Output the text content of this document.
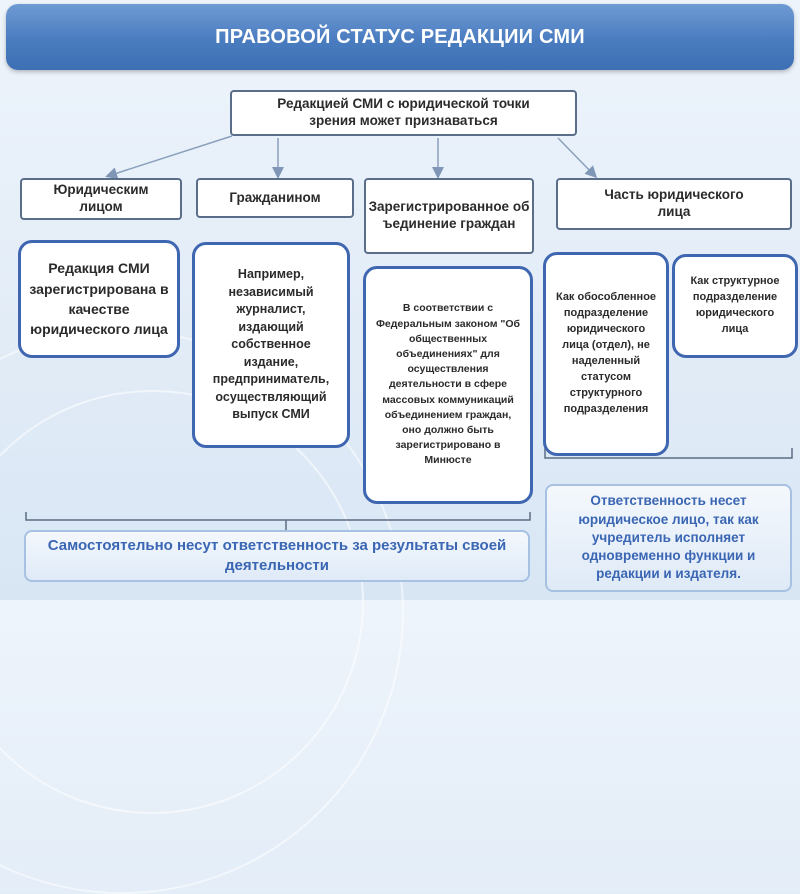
ПРАВОВОЙ СТАТУС РЕДАКЦИИ СМИ
Редакцией СМИ с юридической точки зрения может признаваться
Юридическим лицом
Гражданином
Зарегистрированное объединение граждан
Часть юридического лица
Редакция СМИ зарегистрирована в качестве юридического лица
Например, независимый журналист, издающий собственное издание, предприниматель, осуществляющий выпуск СМИ
В соответствии с Федеральным законом "Об общественных объединениях" для осуществления деятельности в сфере массовых коммуникаций объединением граждан, оно должно быть зарегистрировано в Минюсте
Как обособленное подразделение юридического лица (отдел), не наделенный статусом структурного подразделения
Как структурное подразделение юридического лица
Самостоятельно несут ответственность за результаты своей деятельности
Ответственность несет юридическое лицо, так как учредитель исполняет одновременно функции и редакции и издателя.
